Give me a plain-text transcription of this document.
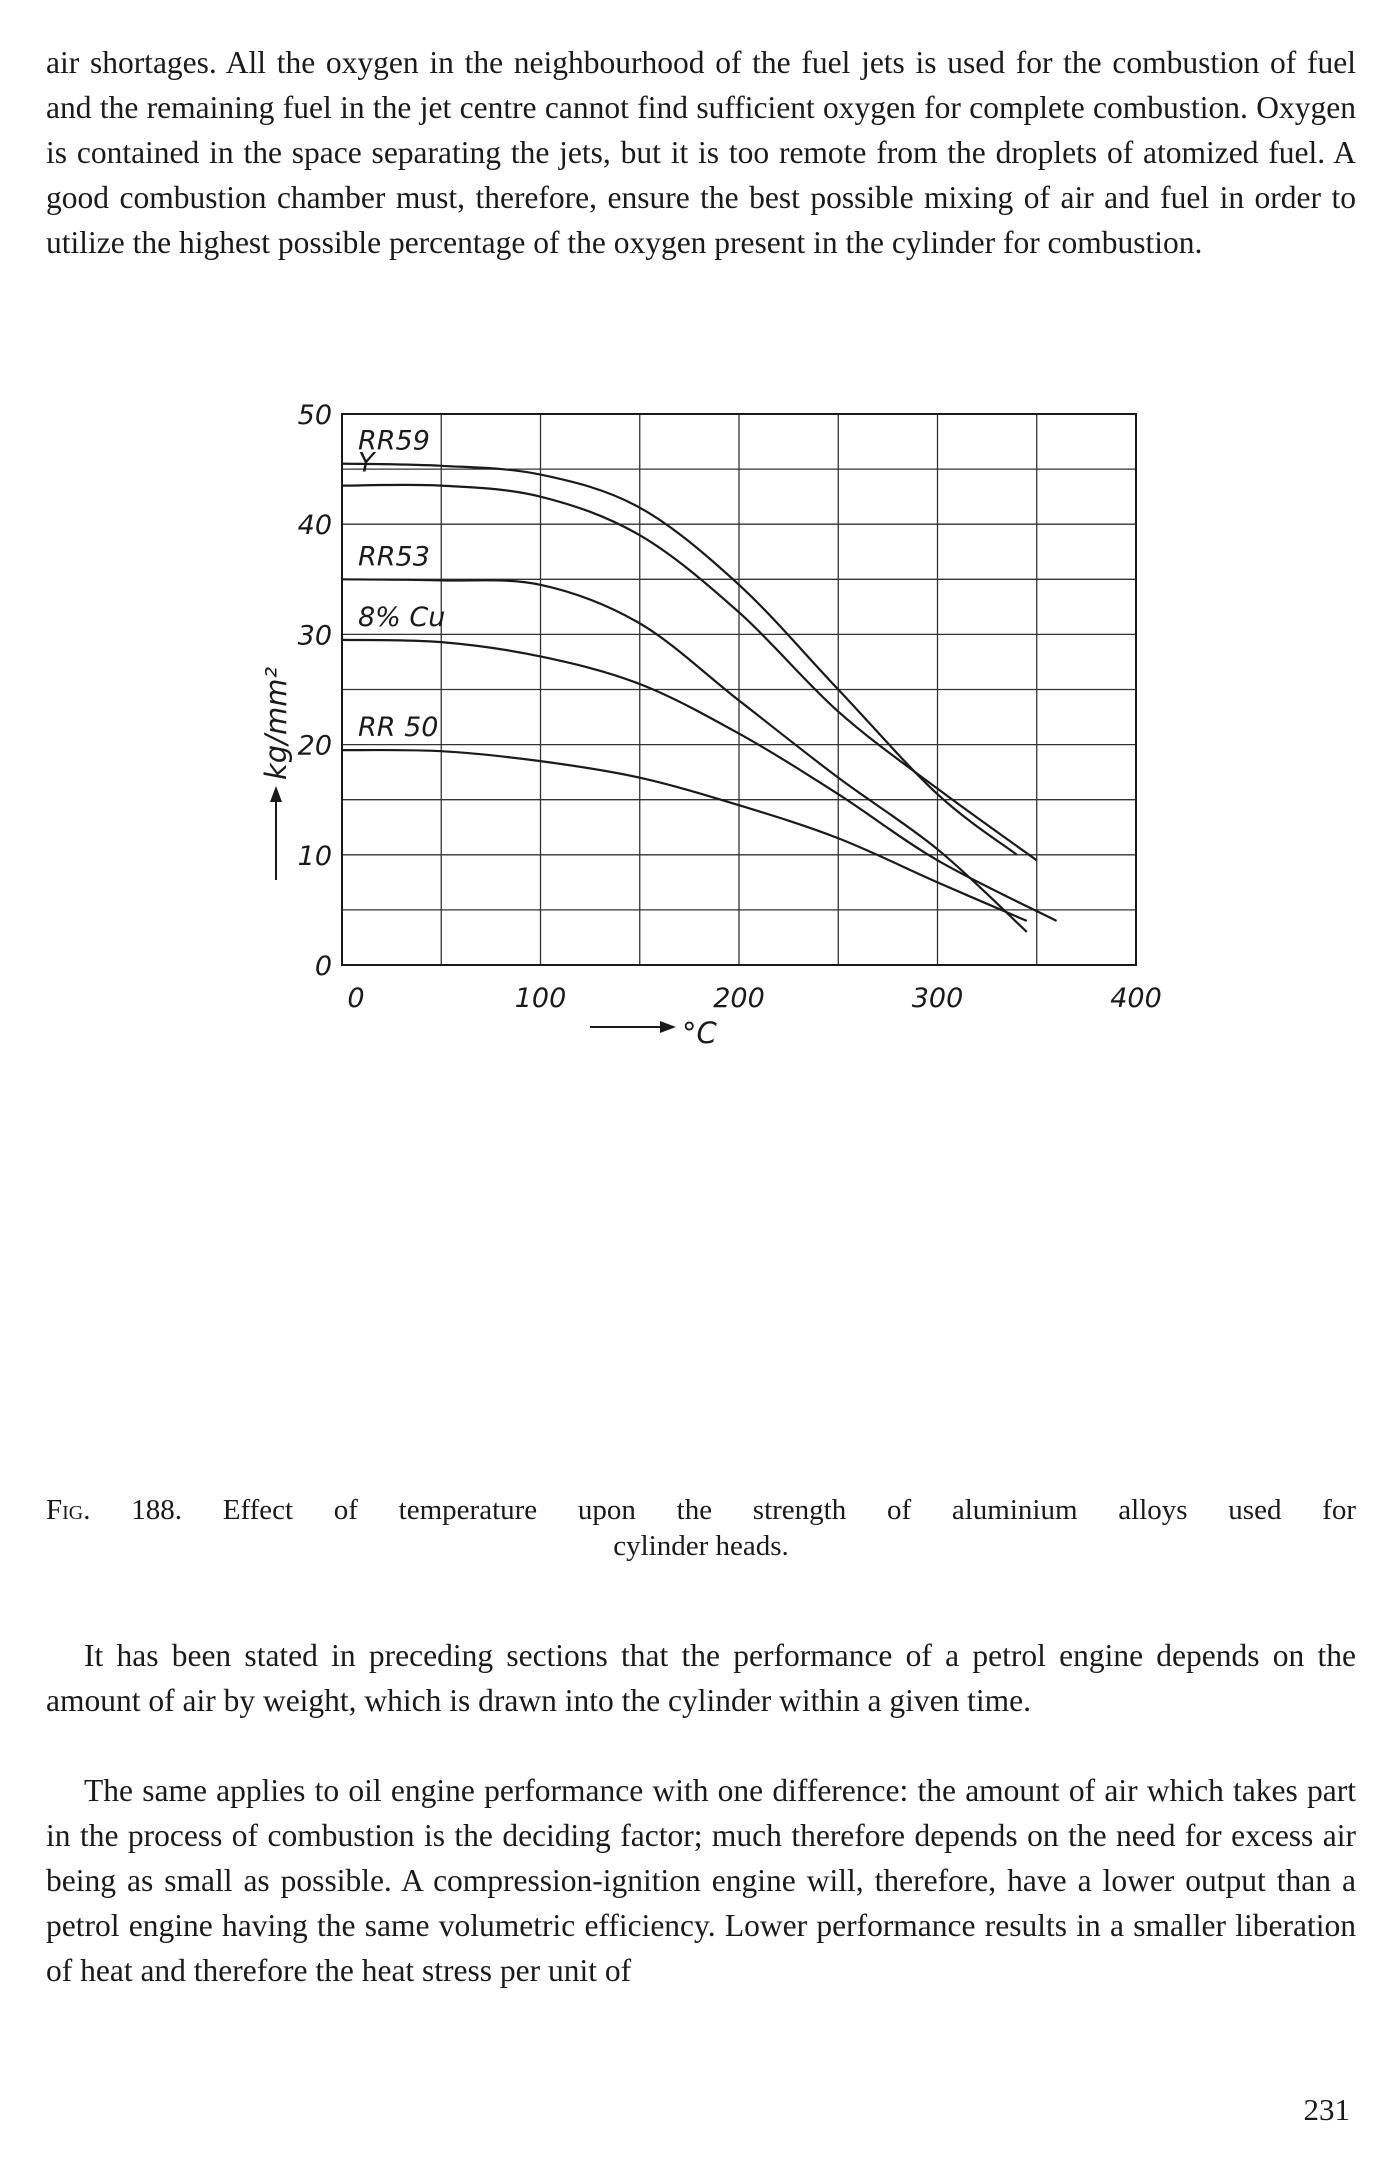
air shortages. All the oxygen in the neighbourhood of the fuel jets is used for the combustion of fuel and the remaining fuel in the jet centre cannot find sufficient oxygen for complete combustion. Oxygen is contained in the space separating the jets, but it is too remote from the droplets of atomized fuel. A good combustion chamber must, therefore, ensure the best possible mixing of air and fuel in order to utilize the highest possible percentage of the oxygen present in the cylinder for combustion.

0
10
20
30
40
50
0	100	200	300	400
RR59
Y
RR53
8% Cu
RR 50
°C
kg/mm²
Fig. 188. Effect of temperature upon the strength of aluminium alloys used for
cylinder heads.

It has been stated in preceding sections that the performance of a petrol engine depends on the amount of air by weight, which is drawn into the cylinder within a given time.

The same applies to oil engine performance with one difference: the amount of air which takes part in the process of combustion is the deciding factor; much therefore depends on the need for excess air being as small as possible. A compression-ignition engine will, therefore, have a lower output than a petrol engine having the same volumetric efficiency. Lower performance results in a smaller liberation of heat and therefore the heat stress per unit of

231
